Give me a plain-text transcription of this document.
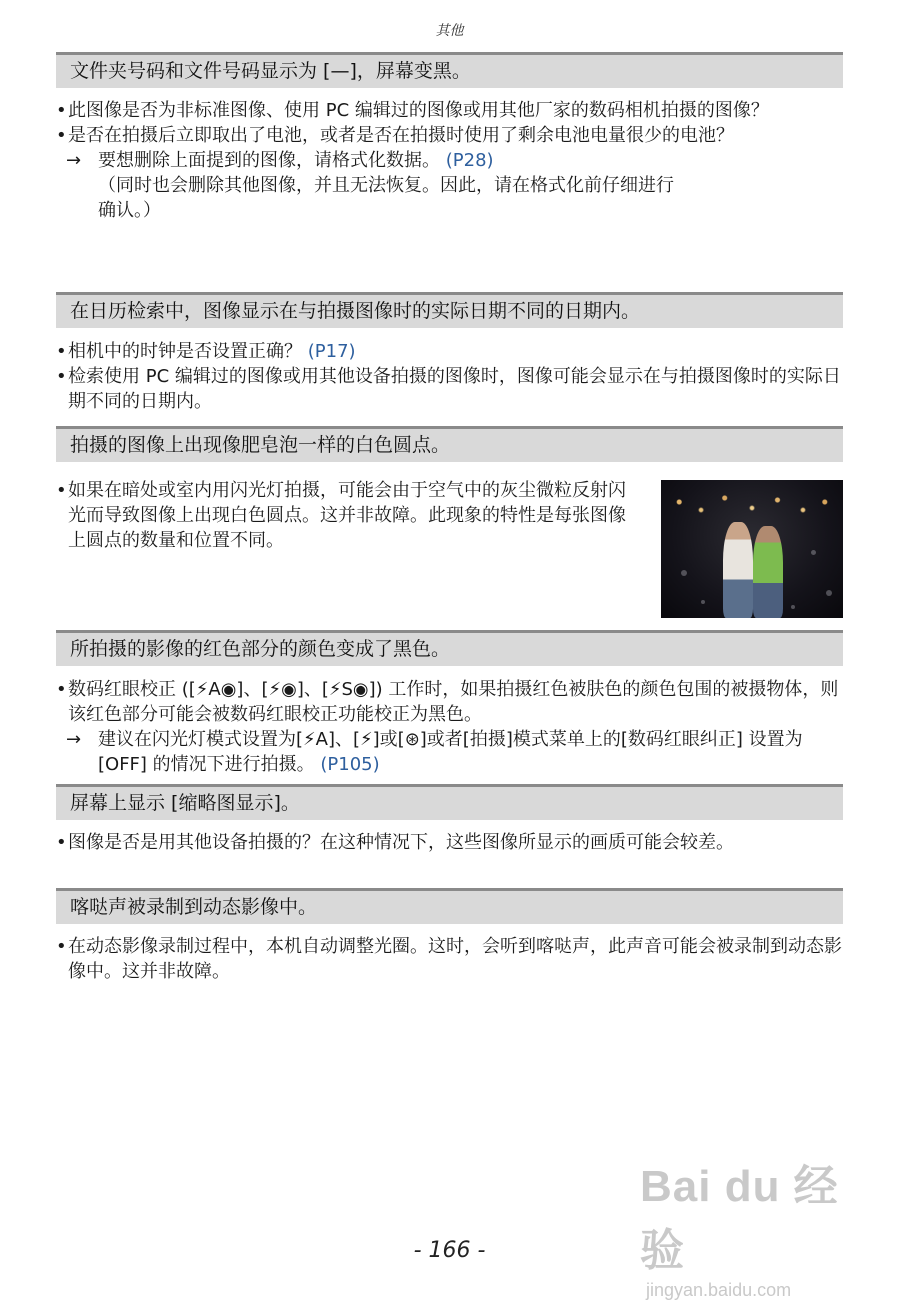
其他
文件夹号码和文件号码显示为 [—]，屏幕变黑。

• 此图像是否为非标准图像、使用 PC 编辑过的图像或用其他厂家的数码相机拍摄的图像？

• 是否在拍摄后立即取出了电池，或者是否在拍摄时使用了剩余电池电量很少的电池？

→ 要想删除上面提到的图像，请格式化数据。 (P28)

（同时也会删除其他图像，并且无法恢复。因此，请在格式化前仔细进行

确认。）

在日历检索中，图像显示在与拍摄图像时的实际日期不同的日期内。

• 相机中的时钟是否设置正确？ (P17)

• 检索使用 PC 编辑过的图像或用其他设备拍摄的图像时，图像可能会显示在与拍摄图像时的实际日期不同的日期内。

拍摄的图像上出现像肥皂泡一样的白色圆点。

• 如果在暗处或室内用闪光灯拍摄，可能会由于空气中的灰尘微粒反射闪光而导致图像上出现白色圆点。这并非故障。此现象的特性是每张图像上圆点的数量和位置不同。

所拍摄的影像的红色部分的颜色变成了黑色。

• 数码红眼校正 ([⚡A◉]、[⚡◉]、[⚡S◉]) 工作时，如果拍摄红色被肤色的颜色包围的被摄物体，则该红色部分可能会被数码红眼校正功能校正为黑色。

→ 建议在闪光灯模式设置为[⚡A]、[⚡]或[⊛]或者[拍摄]模式菜单上的[数码红眼纠正] 设置为 [OFF] 的情况下进行拍摄。 (P105)

屏幕上显示 [缩略图显示]。

• 图像是否是用其他设备拍摄的？在这种情况下，这些图像所显示的画质可能会较差。

喀哒声被录制到动态影像中。

• 在动态影像录制过程中，本机自动调整光圈。这时，会听到喀哒声，此声音可能会被录制到动态影像中。这并非故障。

Bai du 经验
jingyan.baidu.com
- 166 -
